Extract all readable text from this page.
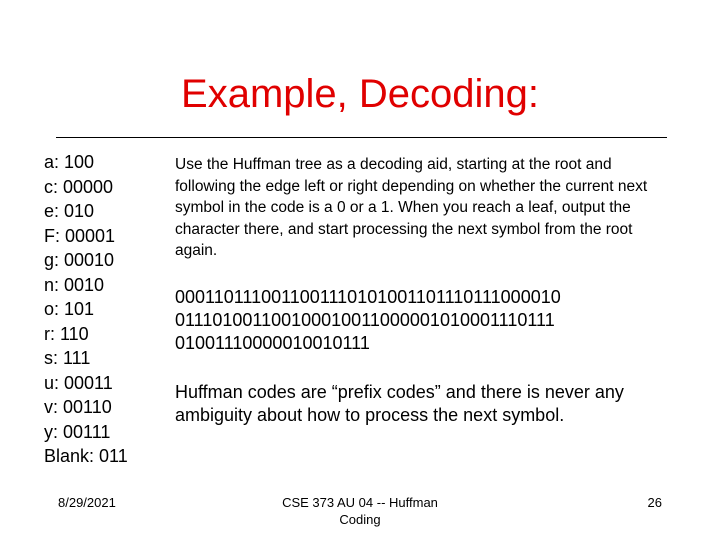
Example, Decoding:
a: 100
c: 00000
e: 010
F: 00001
g: 00010
n: 0010
o: 101
r: 110
s: 111
u: 00011
v: 00110
y: 00111
Blank: 011

Use the Huffman tree as a decoding aid, starting at the root and following the edge left or right depending on whether the current next symbol in the code is a 0 or a 1. When you reach a leaf, output the character there, and start processing the next symbol from the root again.

0001101110011001110101001101110111000010
011101001100100010011000001010001110111
01001110000010010111

Huffman codes are “prefix codes” and there is never any ambiguity about how to process the next symbol.

8/29/2021	CSE 373 AU 04 -- Huffman Coding
26
